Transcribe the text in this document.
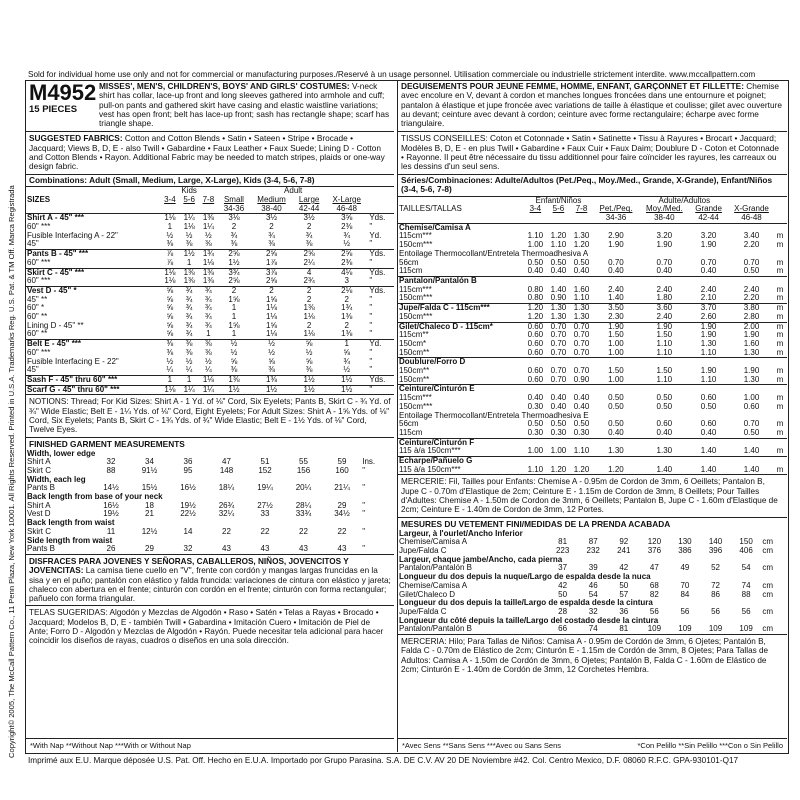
Sold for individual home use only and not for commercial or manufacturing purposes./Reservé à un usage personnel. Utilisation commerciale ou industrielle strictement interdite. www.mccallpattern.com
Copyright© 2005, The McCall Pattern Co., 11 Penn Plaza, New York 10001. All Rights Reserved. Printed in U.S.A. Trademarks Reg. U.S. Pat. & TM Off. Marca Registrada
M4952
15 PIECES
MISSES', MEN'S, CHILDREN'S, BOYS' AND GIRLS' COSTUMES: V-neck shirt has collar, lace-up front and long sleeves gathered into armhole and cuff; pull-on pants and gathered skirt have casing and elastic waistline variations; vest has open front; belt has lace-up front; sash has rectangle shape; scarf has triangle shape.
SUGGESTED FABRICS: Cotton and Cotton Blends • Satin • Sateen • Stripe • Brocade • Jacquard; Views B, D, E - also Twill • Gabardine • Faux Leather • Faux Suede; Lining D - Cotton and Cotton Blends • Rayon. Additional Fabric may be needed to match stripes, plaids or one-way design fabric.
Combinations: Adult (Small, Medium, Large, X-Large), Kids (3-4, 5-6, 7-8)
	Kids			Adult				
SIZES	3-4	5-6	7-8	Small	Medium	Large	X-Large	
				34-36	38-40	42-44	46-48	
Shirt A - 45" ***	1⅛	1¼	1⅜	3⅛	3½	3½	3⅝	Yds.
60" ***	1	1⅛	1¼	2	2	2	2⅜	"
Fusible Interfacing A - 22"	½	½	½	¾	¾	¾	¾	Yd.
45"	⅜	⅜	⅜	⅜	⅜	⅜	½	"
Pants B - 45" ***	⅞	1½	1¾	2⅝	2⅝	2⅝	2⅝	Yds.
60" ***	⅞	1	1⅛	1½	1⅞	2¼	2⅜	"
Skirt C - 45" ***	1⅛	1⅜	1⅜	3¾	3⅞	4	4⅛	Yds.
60" ***	1⅛	1⅜	1⅜	2⅝	2⅝	2¾	3	"
Vest D - 45" *	⅝	¾	¾	2	2	2	2⅛	Yds.
45" **	⅝	¾	¾	1⅝	1⅝	2	2	"
60" *	⅝	¾	¾	1	1⅛	1⅜	1¾	"
60" **	⅝	¾	¾	1	1⅛	1⅛	1⅜	"
Lining D - 45" **	⅝	¾	¾	1⅝	1⅝	2	2	"
60" **	⅝	¾	1	1	1⅛	1⅛	1⅜	"
Belt E - 45" ***	⅜	⅜	⅜	½	½	⅝	1	Yd.
60" ***	⅜	⅜	⅜	½	½	½	⅝	"
Fusible Interfacing E - 22"	½	½	½	⅝	⅝	⅝	¾	"
45"	¼	¼	¼	⅜	⅜	⅜	½	"
Sash F - 45" thru 60" ***	1	1	1⅛	1⅜	1⅜	1½	1½	Yds.
Scarf G - 45" thru 60" ***	1⅛	1¼	1¼	1½	1½	1½	1½	"
NOTIONS: Thread; For Kid Sizes: Shirt A - 1 Yd. of ⅛" Cord, Six Eyelets; Pants B, Skirt C - ¾ Yd. of ¾" Wide Elastic; Belt E - 1¼ Yds. of ⅛" Cord, Eight Eyelets; For Adult Sizes: Shirt A - 1⅝ Yds. of ⅛" Cord, Six Eyelets; Pants B, Skirt C - 1¾ Yds. of ¾" Wide Elastic; Belt E - 1½ Yds. of ⅛" Cord, Twelve Eyes.
FINISHED GARMENT MEASUREMENTS
Width, lower edge								
Shirt A	32	34	36	47	51	55	59	Ins.
Skirt C	88	91½	95	148	152	156	160	"
Width, each leg								
Pants B	14½	15½	16½	18¼	19¼	20¼	21¼	"
Back length from base of your neck								
Shirt A	16½	18	19½	26¾	27½	28¼	29	"
Vest D	19½	21	22½	32¼	33	33¾	34½	"
Back length from waist								
Skirt C	11	12½	14	22	22	22	22	"
Side length from waist								
Pants B	26	29	32	43	43	43	43	"
DISFRACES PARA JOVENES Y SEÑORAS, CABALLEROS, NIÑOS, JOVENCITOS Y JOVENCITAS: La camisa tiene cuello en "V", frente con cordón y mangas largas fruncidas en la sisa y en el puño; pantalón con elástico y falda fruncida: variaciones de cintura con elástico y jareta; chaleco con abertura en el frente; cinturón con cordón en el frente; cinturón con forma rectangular; pañuelo con forma triangular.
TELAS SUGERIDAS: Algodón y Mezclas de Algodón • Raso • Satén • Telas a Rayas • Brocado • Jacquard; Modelos B, D, E - también Twill • Gabardina • Imitación Cuero • Imitación de Piel de Ante; Forro D - Algodón y Mezclas de Algodón • Rayón. Puede necesitar tela adicional para hacer coincidir los diseños de rayas, cuadros o diseños en una sola dirección.
*With Nap **Without Nap ***With or Without Nap
DEGUISEMENTS POUR JEUNE FEMME, HOMME, ENFANT, GARÇONNET ET FILLETTE: Chemise avec encolure en V, devant à cordon et manches longues froncées dans une entournure et poignet; pantalon à élastique et jupe froncée avec variations de taille à élastique et coulisse; gilet avec ouverture au devant; ceinture avec devant à cordon; ceinture avec forme rectangulaire; écharpe avec forme triangulaire.
TISSUS CONSEILLES: Coton et Cotonnade • Satin • Satinette • Tissu à Rayures • Brocart • Jacquard; Modèles B, D, E - en plus Twill • Gabardine • Faux Cuir • Faux Daim; Doublure D - Coton et Cotonnade • Rayonne. Il peut être nécessaire du tissu additionnel pour faire coïncider les rayures, les carreaux ou les dessins d'un seul sens.
Séries/Combinaciones: Adulte/Adultos (Pet./Peq., Moy./Med., Grande, X-Grande), Enfant/Niños (3-4, 5-6, 7-8)
	Enfant/Niños			Adulte/Adultos				
TAILLES/TALLAS	3-4	5-6	7-8	Pet./Peq.	Moy./Med.	Grande	X-Grande	
				34-36	38-40	42-44	46-48	
Chemise/Camisa A								
115cm***	1.10	1.20	1.30	2.90	3.20	3.20	3.40	m
150cm***	1.00	1.10	1.20	1.90	1.90	1.90	2.20	m
Entoilage Thermocollant/Entretela Thermoadhesiva A								
56cm	0.50	0.50	0.50	0.70	0.70	0.70	0.70	m
115cm	0.40	0.40	0.40	0.40	0.40	0.40	0.50	m
Pantalon/Pantalón B								
115cm***	0.80	1.40	1.60	2.40	2.40	2.40	2.40	m
150cm***	0.80	0.90	1.10	1.40	1.80	2.10	2.20	m
Jupe/Falda C - 115cm***	1.20	1.30	1.30	3.50	3.60	3.70	3.80	m
150cm***	1.20	1.30	1.30	2.30	2.40	2.60	2.80	m
Gilet/Chaleco D - 115cm*	0.60	0.70	0.70	1.90	1.90	1.90	2.00	m
115cm**	0.60	0.70	0.70	1.50	1.50	1.90	1.90	m
150cm*	0.60	0.70	0.70	1.00	1.10	1.30	1.60	m
150cm**	0.60	0.70	0.70	1.00	1.10	1.10	1.30	m
Doublure/Forro D								
150cm**	0.60	0.70	0.70	1.50	1.50	1.90	1.90	m
150cm**	0.60	0.70	0.90	1.00	1.10	1.10	1.30	m
Ceinture/Cinturón E								
115cm***	0.40	0.40	0.40	0.50	0.50	0.60	1.00	m
150cm***	0.30	0.40	0.40	0.50	0.50	0.50	0.60	m
Entoilage Thermocollant/Entretela Thermoadhesiva E								
56cm	0.50	0.50	0.50	0.50	0.60	0.60	0.70	m
115cm	0.30	0.30	0.30	0.40	0.40	0.40	0.50	m
Ceinture/Cinturón F								
115 à/a 150cm***	1.00	1.00	1.10	1.30	1.30	1.40	1.40	m
Echarpe/Pañuelo G								
115 à/a 150cm***	1.10	1.20	1.20	1.20	1.40	1.40	1.40	m
MERCERIE: Fil, Tailles pour Enfants: Chemise A - 0.95m de Cordon de 3mm, 6 Oeillets; Pantalon B, Jupe C - 0.70m d'Elastique de 2cm; Ceinture E - 1.15m de Cordon de 3mm, 8 Oeillets; Pour Tailles d'Adultes: Chemise A - 1.50m de Cordon de 3mm, 6 Oeillets; Pantalon B, Jupe C - 1.60m d'Elastique de 2cm; Ceinture E - 1.40m de Cordon de 3mm, 12 Portes.
MESURES DU VETEMENT FINI/MEDIDAS DE LA PRENDA ACABADA
Largeur, à l'ourlet/Ancho Inferior								
Chemise/Camisa A	81	87	92	120	130	140	150	cm
Jupe/Falda C	223	232	241	376	386	396	406	cm
Largeur, chaque jambe/Ancho, cada pierna								
Pantalon/Pantalón B	37	39	42	47	49	52	54	cm
Longueur du dos depuis la nuque/Largo de espalda desde la nuca								
Chemise/Camisa A	42	46	50	68	70	72	74	cm
Gilet/Chaleco D	50	54	57	82	84	86	88	cm
Longueur du dos depuis la taille/Largo de espalda desde la cintura								
Jupe/Falda C	28	32	36	56	56	56	56	cm
Longueur du côté depuis la taille/Largo del costado desde la cintura								
Pantalon/Pantalón B	66	74	81	109	109	109	109	cm
MERCERIA: Hilo; Para Tallas de Niños: Camisa A - 0.95m de Cordón de 3mm, 6 Ojetes; Pantalón B, Falda C - 0.70m de Elástico de 2cm; Cinturón E - 1.15m de Cordón de 3mm, 8 Ojetes; Para Tallas de Adultos: Camisa A - 1.50m de Cordón de 3mm, 6 Ojetes; Pantalón B, Falda C - 1.60m de Elástico de 2cm; Cinturón E - 1.40m de Cordón de 3mm, 12 Corchetes Hembra.
*Avec Sens **Sans Sens ***Avec ou Sans Sens	*Con Pelillo **Sin Pelillo ***Con o Sin Pelillo
Imprimé aux E.U. Marque déposée U.S. Pat. Off. Hecho en E.U.A. Importado por Grupo Parasina. S.A. DE C.V. AV 20 DE Noviembre #42. Col. Centro Mexico, D.F. 08060 R.F.C. GPA-930101-Q17
